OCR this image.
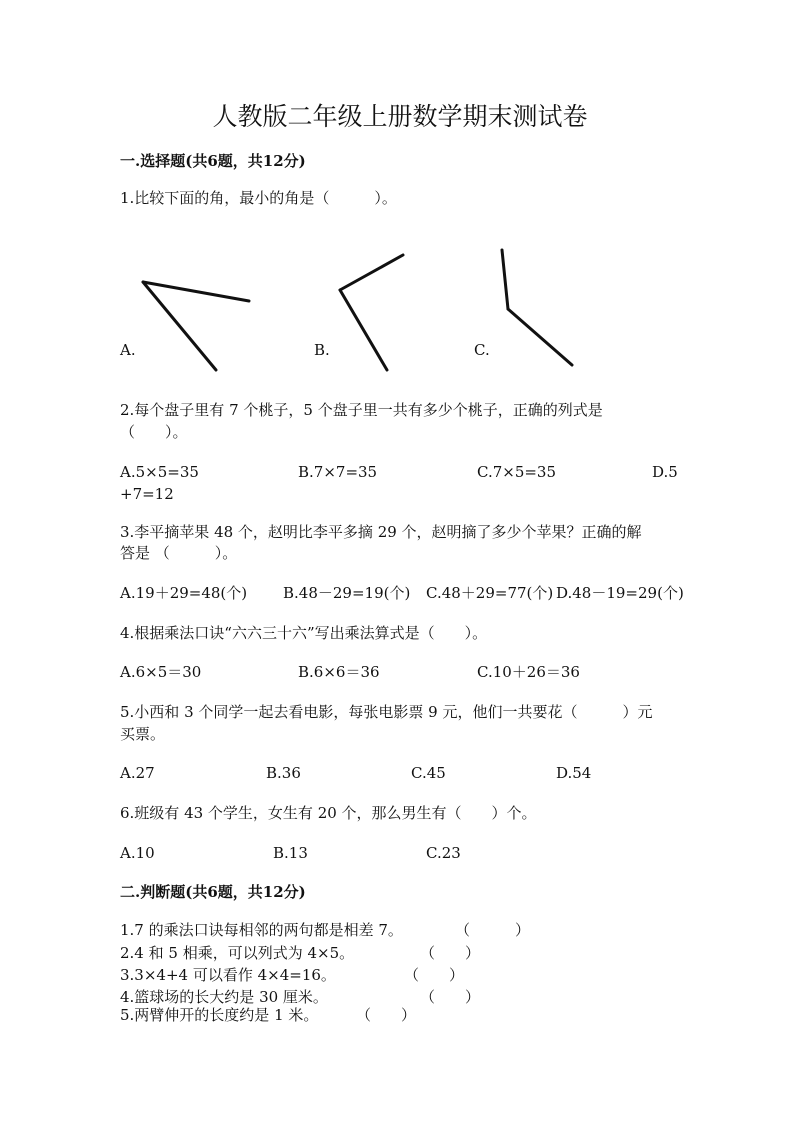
人教版二年级上册数学期末测试卷
一.选择题(共6题，共12分)
1.比较下面的角，最小的角是（　　　）。
A.	B.	C.
2.每个盘子里有 7 个桃子，5 个盘子里一共有多少个桃子，正确的列式是
（　　）。
A.5×5=35	B.7×7=35	C.7×5=35	D.5
+7=12
3.李平摘苹果 48 个，赵明比李平多摘 29 个，赵明摘了多少个苹果？正确的解
答是 （　　　）。
A.19＋29=48(个) B.48－29=19(个) C.48＋29=77(个) D.48－19=29(个)
4.根据乘法口诀“六六三十六”写出乘法算式是（　　）。
A.6×5＝30	B.6×6＝36	C.10＋26＝36
5.小西和 3 个同学一起去看电影，每张电影票 9 元，他们一共要花（　　　）元
买票。
A.27	B.36	C.45	D.54
6.班级有 43 个学生，女生有 20 个，那么男生有（　　）个。
A.10	B.13	C.23
二.判断题(共6题，共12分)
1.7 的乘法口诀每相邻的两句都是相差 7。	（　　　）
2.4 和 5 相乘，可以列式为 4×5。	（　　）
3.3×4+4 可以看作 4×4=16。	（　　）
4.篮球场的长大约是 30 厘米。	（　　）
5.两臂伸开的长度约是 1 米。	（　　）
